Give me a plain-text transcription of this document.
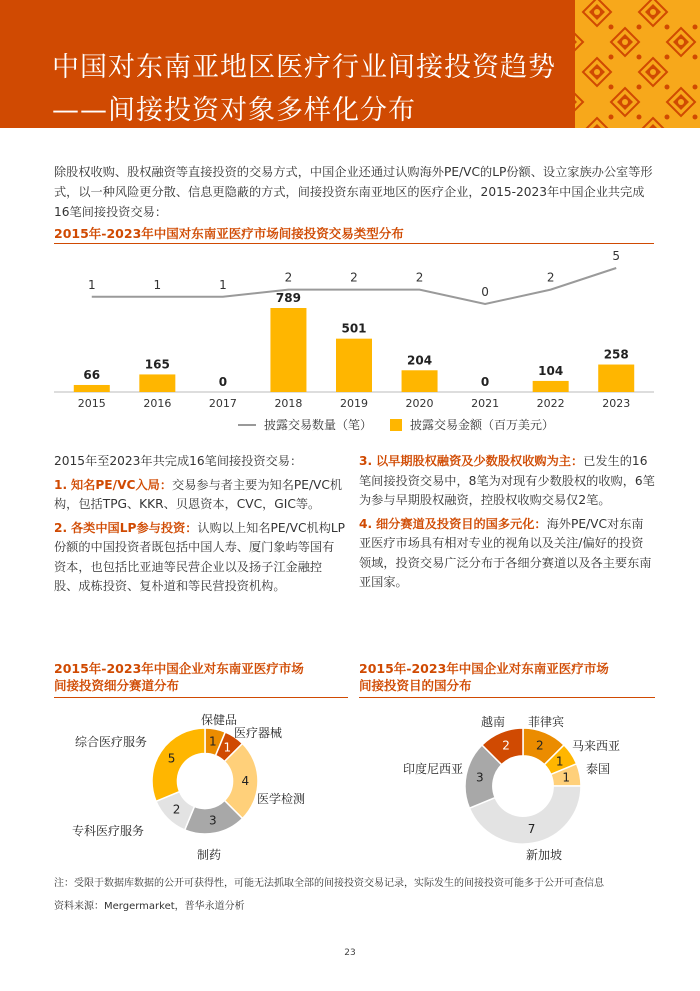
中国对东南亚地区医疗行业间接投资趋势
——间接投资对象多样化分布
除股权收购、股权融资等直接投资的交易方式，中国企业还通过认购海外PE/VC的LP份额、设立家族办公室等形式，以一种风险更分散、信息更隐蔽的方式，间接投资东南亚地区的医疗企业，2015-2023年中国企业共完成16笔间接投资交易：
2015年-2023年中国对东南亚医疗市场间接投资交易类型分布
66
2015
165
2016
0
2017
789
2018
501
2019
204
2020
0
2021
104
2022
258
2023
1	1	1
2	2	2
0
2
5
披露交易数量（笔）	披露交易金额（百万美元）

2015年至2023年共完成16笔间接投资交易：

1. 知名PE/VC入局：交易参与者主要为知名PE/VC机构，包括TPG、KKR、贝恩资本，CVC，GIC等。

2. 各类中国LP参与投资：认购以上知名PE/VC机构LP份额的中国投资者既包括中国人寿、厦门象屿等国有资本，也包括比亚迪等民营企业以及扬子江金融控股、成栋投资、复朴道和等民营投资机构。

3. 以早期股权融资及少数股权收购为主：已发生的16笔间接投资交易中，8笔为对现有少数股权的收购，6笔为参与早期股权融资，控股权收购交易仅2笔。

4. 细分赛道及投资目的国多元化：海外PE/VC对东南亚医疗市场具有相对专业的视角以及关注/偏好的投资领域，投资交易广泛分布于各细分赛道以及各主要东南亚国家。

2015年-2023年中国企业对东南亚医疗市场
间接投资细分赛道分布
2015年-2023年中国企业对东南亚医疗市场
间接投资目的国分布
1 1
4
3
2
5
保健品
医疗器械
医学检测
制药
专科医疗服务
综合医疗服务	2
1
1
7
3
2
菲律宾
马来西亚
泰国
新加坡
印度尼西亚
越南
注：受限于数据库数据的公开可获得性，可能无法抓取全部的间接投资交易记录，实际发生的间接投资可能多于公开可查信息
资料来源：Mergermarket，普华永道分析
23
